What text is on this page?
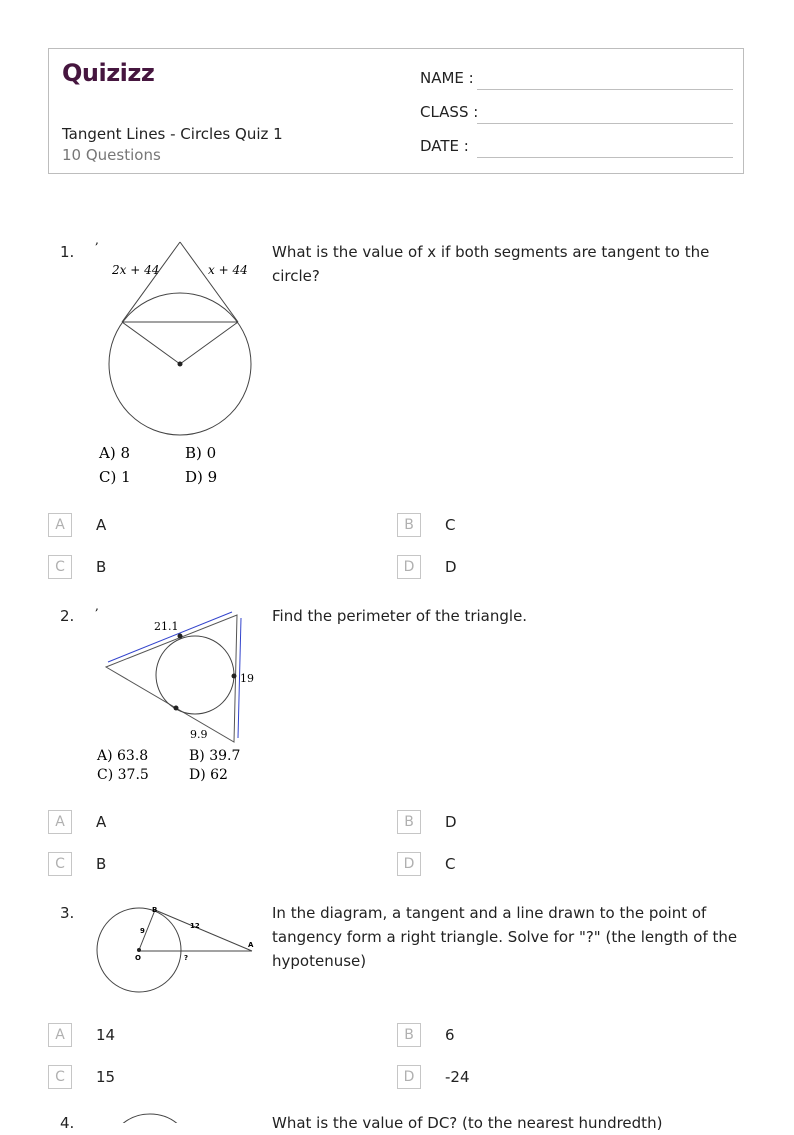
Quizizz
Tangent Lines - Circles Quiz 1
10 Questions
NAME :
CLASS :
DATE :
1.	What is the value of x if both segments are tangent to the circle?
,
2x + 44	x + 44
A) 8	B) 0
C) 1	D) 9
A	A	B	C
C	B	D	D
2.	Find the perimeter of the triangle.
,
21.1
19
9.9
A) 63.8	B) 39.7
C) 37.5	D) 62
A	A	B	D
C	B	D	C
3.	In the diagram, a tangent and a line drawn to the point of tangency form a right triangle. Solve for "?" (the length of the hypotenuse)
B
9
12
A
O	?
A	14	B	6
C	15	D	-24
4.	What is the value of DC? (to the nearest hundredth)
